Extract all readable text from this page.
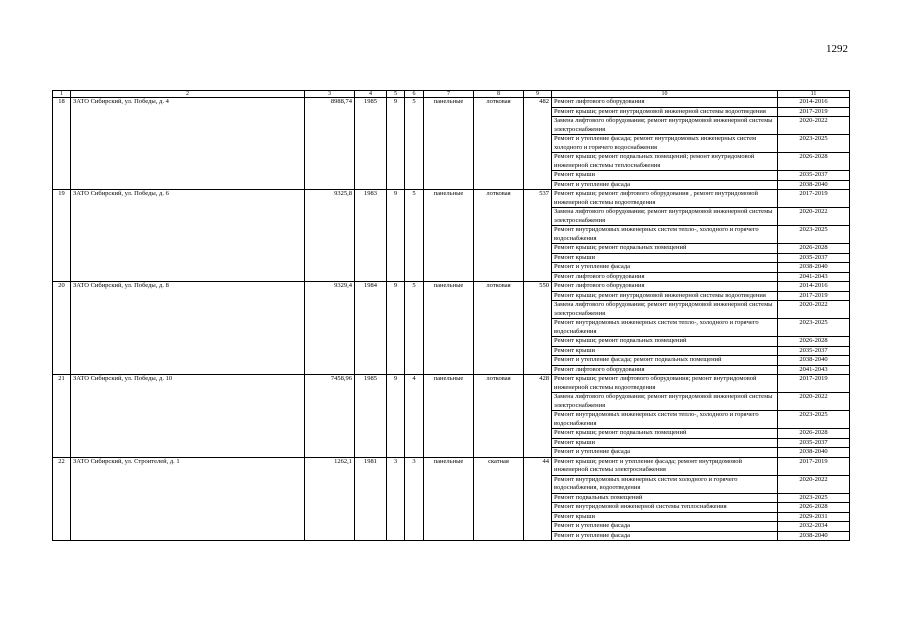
1292
1	2	3	4	5	6	7	8	9	10	11
18	ЗАТО Сибирский, ул. Победы, д. 4	8988,74	1985	9	5	панельные	лотковая	482	Ремонт лифтового оборудования	2014-2016
									Ремонт крыши; ремонт внутридомовой инженерной системы водоотведения	2017-2019
									Замена лифтового оборудования; ремонт внутридомовой инженерной системы электроснабжения	2020-2022
									Ремонт и утепление фасада; ремонт внутридомовых инженерных систем холодного и горячего водоснабжения	2023-2025
									Ремонт крыши; ремонт подвальных помещений; ремонт внутридомовой инженерной системы теплоснабжения	2026-2028
									Ремонт крыши	2035-2037
									Ремонт и утепление фасада	2038-2040
19	ЗАТО Сибирский, ул. Победы, д. 6	9325,8	1983	9	5	панельные	лотковая	537	Ремонт крыши; ремонт лифтового оборудования , ремонт внутридомовой инженерной системы водоотведения	2017-2019
									Замена лифтового оборудования; ремонт внутридомовой инженерной системы электроснабжения	2020-2022
									Ремонт внутридомовых инженерных систем тепло-, холодного и горячего водоснабжения	2023-2025
									Ремонт крыши; ремонт подвальных помещений	2026-2028
									Ремонт крыши	2035-2037
									Ремонт и утепление фасада	2038-2040
									Ремонт лифтового оборудования	2041-2043
20	ЗАТО Сибирский, ул. Победы, д. 8	9329,4	1984	9	5	панельные	лотковая	550	Ремонт лифтового оборудования	2014-2016
									Ремонт крыши; ремонт внутридомовой инженерной системы водоотведения	2017-2019
									Замена лифтового оборудования; ремонт внутридомовой инженерной системы электроснабжения	2020-2022
									Ремонт внутридомовых инженерных систем тепло-, холодного и горячего водоснабжения	2023-2025
									Ремонт крыши; ремонт подвальных помещений	2026-2028
									Ремонт крыши	2035-2037
									Ремонт и утепление фасада; ремонт подвальных помещений	2038-2040
									Ремонт лифтового оборудования	2041-2043
21	ЗАТО Сибирский, ул. Победы, д. 10	7458,96	1985	9	4	панельные	лотковая	428	Ремонт крыши; ремонт лифтового оборудования; ремонт внутридомовой инженерной системы водоотведения	2017-2019
									Замена лифтового оборудования; ремонт внутридомовой инженерной системы электроснабжения	2020-2022
									Ремонт внутридомовых инженерных систем тепло-, холодного и горячего водоснабжения	2023-2025
									Ремонт крыши; ремонт подвальных помещений	2026-2028
									Ремонт крыши	2035-2037
									Ремонт и утепление фасада	2038-2040
22	ЗАТО Сибирский, ул. Строителей, д. 1	1262,1	1981	3	3	панельные	скатная	44	Ремонт крыши; ремонт и утепление фасада; ремонт внутридомовой инженерной системы электроснабжения	2017-2019
									Ремонт внутридомовых инженерных систем холодного и горячего водоснабжения, водоотведения	2020-2022
									Ремонт подвальных помещений	2023-2025
									Ремонт внутридомовой инженерной системы теплоснабжения	2026-2028
									Ремонт крыши	2029-2031
									Ремонт и утепление фасада	2032-2034
									Ремонт и утепление фасада	2038-2040
